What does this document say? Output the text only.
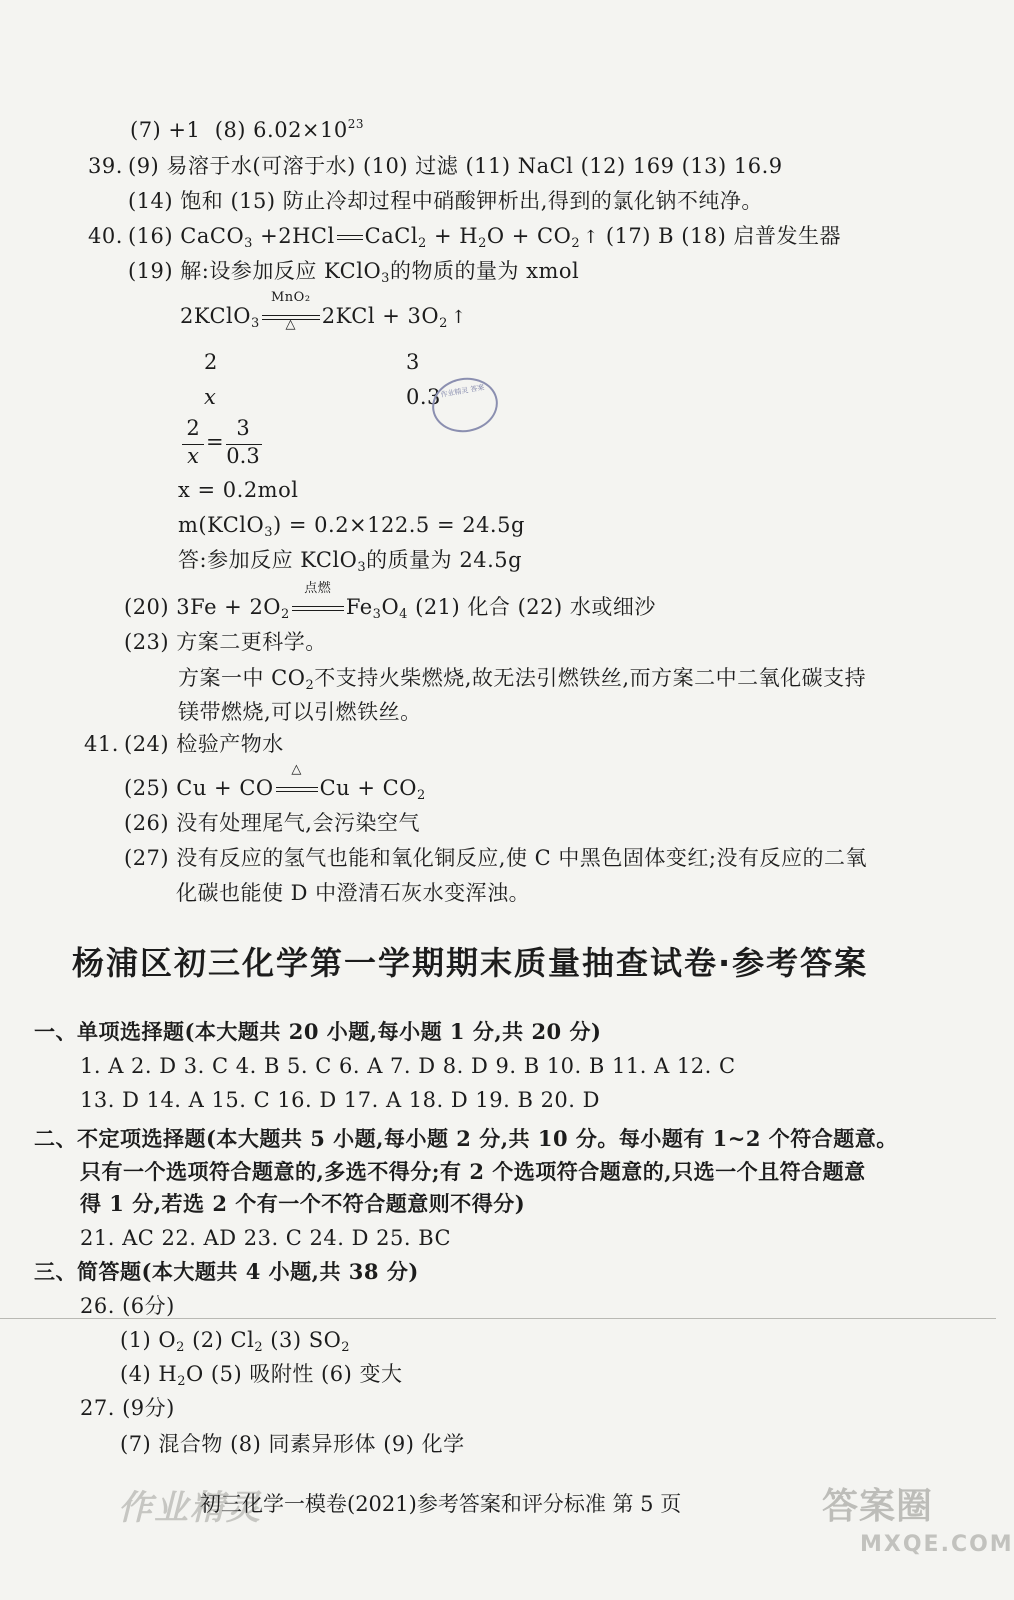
(7) +1 (8) $6.02\times 10^{23}$
39. (9) 易溶于水(可溶于水) (10) 过滤 (11) NaCl (12) 169 (13) 16.9
(14) 饱和 (15) 防止冷却过程中硝酸钾析出,得到的氯化钠不纯净。
40. (16) CaCO$_3$ +2HCl CaCl$_2$ + $H_2O + CO_2$ ↑ (17) B (18) 启普发生器
(19) 解:设参加反应 KClO$_3$的物质的量为 xmol
2KClO$_3$
MnO₂
△	$2KCl + 3O_2$ ↑
2	3
x	0.3 作业精灵 答案
2
x
=
3
0.3
x = 0.2mol
m(KClO$_3$) = 0.2×122.5 = 24.5g
答:参加反应 KClO$_3$的质量为 24.5g
(20) $3Fe + 2O_2$
点燃
$Fe_3O_4$ (21) 化合 (22) 水或细沙
(23) 方案二更科学。
方案一中 $CO_2$不支持火柴燃烧,故无法引燃铁丝,而方案二中二氧化碳支持
镁带燃烧,可以引燃铁丝。
41. (24) 检验产物水
(25) Cu + CO
△
$Cu + CO_2$
(26) 没有处理尾气,会污染空气
(27) 没有反应的氢气也能和氧化铜反应,使 C 中黑色固体变红;没有反应的二氧
化碳也能使 D 中澄清石灰水变浑浊。
杨浦区初三化学第一学期期末质量抽查试卷·参考答案
一、单项选择题(本大题共 20 小题,每小题 1 分,共 20 分)
1. A 2. D 3. C 4. B 5. C 6. A 7. D 8. D 9. B 10. B 11. A 12. C
13. D 14. A 15. C 16. D 17. A 18. D 19. B 20. D
二、不定项选择题(本大题共 5 小题,每小题 2 分,共 10 分。每小题有 1~2 个符合题意。
只有一个选项符合题意的,多选不得分;有 2 个选项符合题意的,只选一个且符合题意
得 1 分,若选 2 个有一个不符合题意则不得分)
21. AC 22. AD 23. C 24. D 25. BC
三、简答题(本大题共 4 小题,共 38 分)
26. (6分)
(1) $O_2$ (2) $Cl_2$ (3) $SO_2$
(4) $H_2O$ (5) 吸附性 (6) 变大
27. (9分)
(7) 混合物 (8) 同素异形体 (9) 化学
作业精灵
初三化学一模卷(2021)参考答案和评分标准 第 5 页	答案圈
MXQE.COM
